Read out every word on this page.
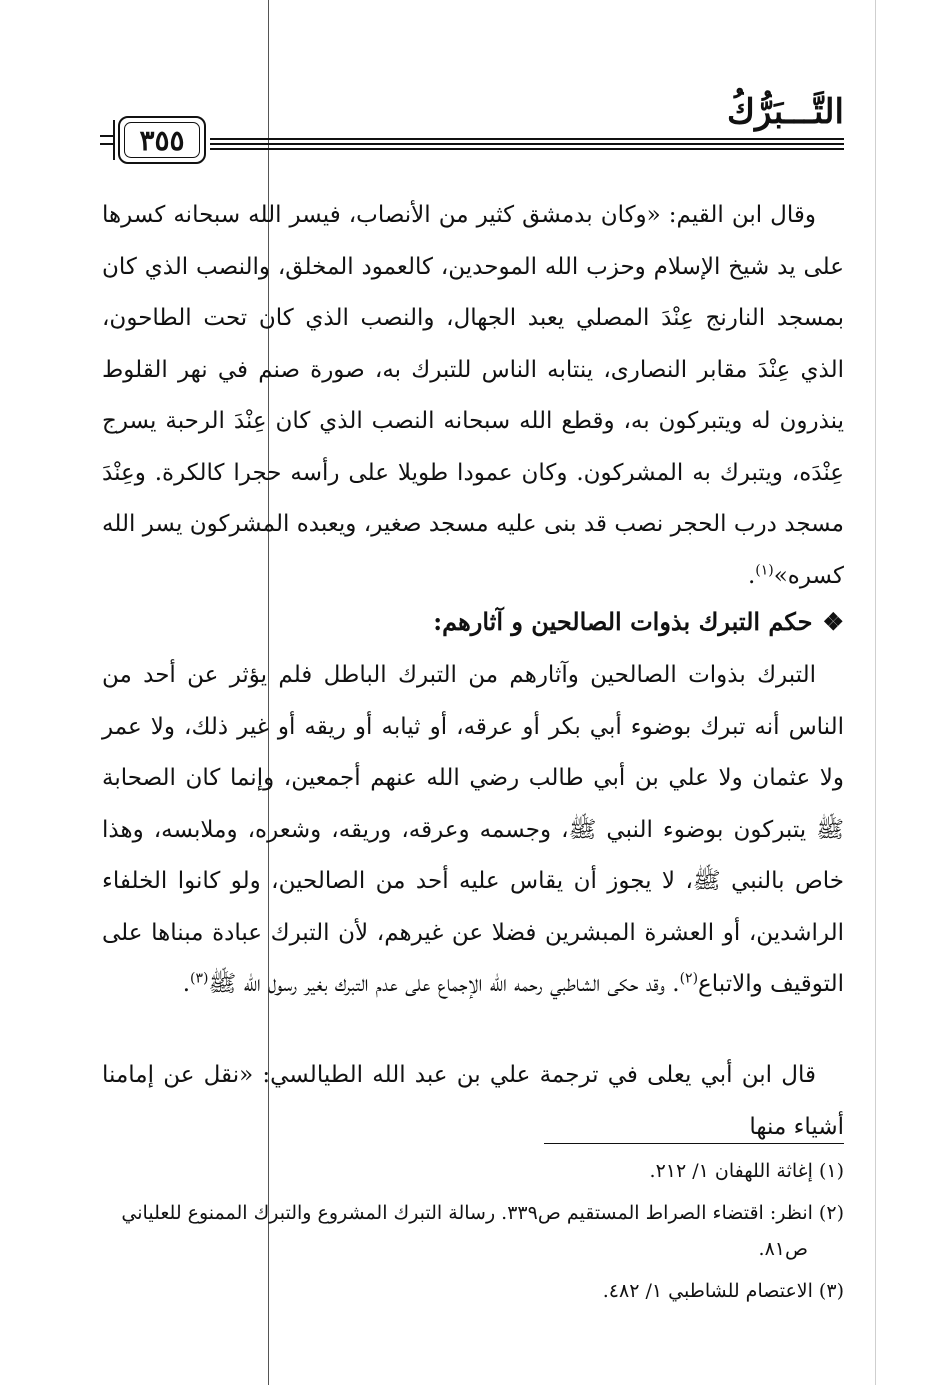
التَّـــبَرُّكُ
٣٥٥
وقال ابن القيم: «وكان بدمشق كثير من الأنصاب، فيسر الله سبحانه كسرها على يد شيخ الإسلام وحزب الله الموحدين، كالعمود المخلق، والنصب الذي كان بمسجد النارنج عِنْدَ المصلي يعبد الجهال، والنصب الذي كان تحت الطاحون، الذي عِنْدَ مقابر النصارى، ينتابه الناس للتبرك به، صورة صنم في نهر القلوط ينذرون له ويتبركون به، وقطع الله سبحانه النصب الذي كان عِنْدَ الرحبة يسرج عِنْدَه، ويتبرك به المشركون. وكان عمودا طويلا على رأسه حجرا كالكرة. وعِنْدَ مسجد درب الحجر نصب قد بنى عليه مسجد صغير، ويعبده المشركون يسر الله كسره»$^{(١)}$.
❖حكم التبرك بذوات الصالحين و آثارهم:
التبرك بذوات الصالحين وآثارهم من التبرك الباطل فلم يؤثر عن أحد من الناس أنه تبرك بوضوء أبي بكر أو عرقه، أو ثيابه أو ريقه أو غير ذلك، ولا عمر ولا عثمان ولا علي بن أبي طالب رضي الله عنهم أجمعين، وإنما كان الصحابة ﷺ يتبركون بوضوء النبي ﷺ، وجسمه وعرقه، وريقه، وشعره، وملابسه، وهذا خاص بالنبي ﷺ، لا يجوز أن يقاس عليه أحد من الصالحين، ولو كانوا الخلفاء الراشدين، أو العشرة المبشرين فضلا عن غيرهم، لأن التبرك عبادة مبناها على التوقيف والاتباع$^{(٢)}$. وقد حكى الشاطبي رحمه الله الإجماع على عدم التبرك بغير رسول الله ﷺ$^{(٣)}$.
قال ابن أبي يعلى في ترجمة علي بن عبد الله الطيالسي: «نقل عن إمامنا أشياء منها
(١) إغاثة اللهفان ١/ ٢١٢.
(٢) انظر: اقتضاء الصراط المستقيم ص٣٣٩. رسالة التبرك المشروع والتبرك الممنوع للعلياني
ص٨١.
(٣) الاعتصام للشاطبي ١/ ٤٨٢.
